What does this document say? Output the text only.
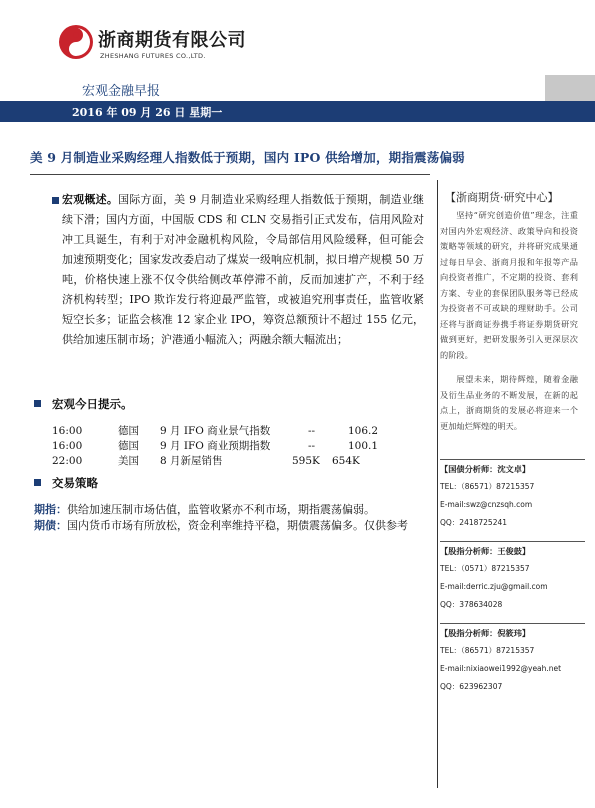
浙商期货有限公司
ZHESHANG FUTURES CO.,LTD.
宏观金融早报
2016 年 09 月 26 日 星期一
美 9 月制造业采购经理人指数低于预期，国内 IPO 供给增加，期指震荡偏弱
宏观概述。国际方面，美 9 月制造业采购经理人指数低于预期，制造业继续下滑；国内方面，中国版 CDS 和 CLN 交易指引正式发布，信用风险对冲工具诞生，有利于对冲金融机构风险，令局部信用风险缓释，但可能会加速预期变化；国家发改委启动了煤炭一级响应机制，拟日增产规模 50 万吨，价格快速上涨不仅令供给侧改革停滞不前，反而加速扩产，不利于经济机构转型；IPO 欺诈发行将迎最严监管，或被追究刑事责任，监管收紧短空长多；证监会核准 12 家企业 IPO，筹资总额预计不超过 155 亿元，供给加速压制市场；沪港通小幅流入；两融余额大幅流出；
宏观今日提示。
16:00	德国	9 月 IFO 商业景气指数	--	106.2
16:00	德国	9 月 IFO 商业预期指数	--	100.1
22:00	美国	8 月新屋销售	595K	654K
交易策略
期指：供给加速压制市场估值，监管收紧亦不利市场，期指震荡偏弱。
期债：国内货币市场有所放松，资金利率维持平稳，期债震荡偏多。仅供参考
【浙商期货·研究中心】

坚持“研究创造价值”理念，注重对国内外宏观经济、政策导向和投资策略等领域的研究，并将研究成果通过每日早会、浙商月报和年报等产品向投资者推广，不定期的投资、套利方案、专业的套保团队服务等已经成为投资者不可或缺的理财助手。公司还将与浙商证券携手将证券期货研究做到更好，把研发服务引入更深层次的阶段。

展望未来，期待辉煌，随着金融及衍生品业务的不断发展，在新的起点上，浙商期货的发展必将迎来一个更加灿烂辉煌的明天。

【国债分析师：沈文卓】
TEL：（86571）87215357
E-mail:swz@cnzsqh.com
QQ：2418725241
【股指分析师：王俊鼓】
TEL：（0571）87215357
E-mail:derric.zju@gmail.com
QQ：378634028
【股指分析师：倪筱玮】
TEL：（86571）87215357
E-mail:nixiaowei1992@yeah.net
QQ：623962307
